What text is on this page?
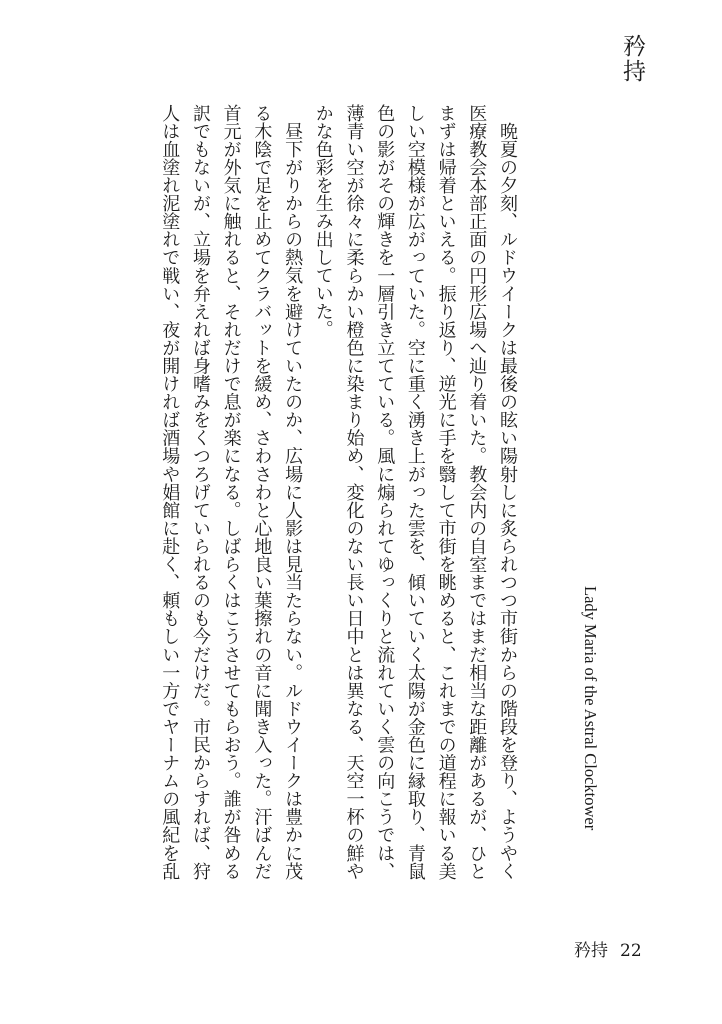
矜持
Lady Maria of the Astral Clocktower
晩夏の夕刻、ルドウイークは最後の眩い陽射しに炙られつつ市街からの階段を登り、ようやく
医療教会本部正面の円形広場へ辿り着いた。教会内の自室まではまだ相当な距離があるが、ひと
まずは帰着といえる。振り返り、逆光に手を翳して市街を眺めると、これまでの道程に報いる美
しい空模様が広がっていた。空に重く湧き上がった雲を、傾いていく太陽が金色に縁取り、青鼠
色の影がその輝きを一層引き立てている。風に煽られてゆっくりと流れていく雲の向こうでは、
薄青い空が徐々に柔らかい橙色に染まり始め、変化のない長い日中とは異なる、天空一杯の鮮や
かな色彩を生み出していた。
昼下がりからの熱気を避けていたのか、広場に人影は見当たらない。ルドウイークは豊かに茂
る木陰で足を止めてクラバットを緩め、さわさわと心地良い葉擦れの音に聞き入った。汗ばんだ
首元が外気に触れると、それだけで息が楽になる。しばらくはこうさせてもらおう。誰が咎める
訳でもないが、立場を弁えれば身嗜みをくつろげていられるのも今だけだ。市民からすれば、狩
人は血塗れ泥塗れで戦い、夜が開ければ酒場や娼館に赴く、頼もしい一方でヤーナムの風紀を乱
矜持 22
